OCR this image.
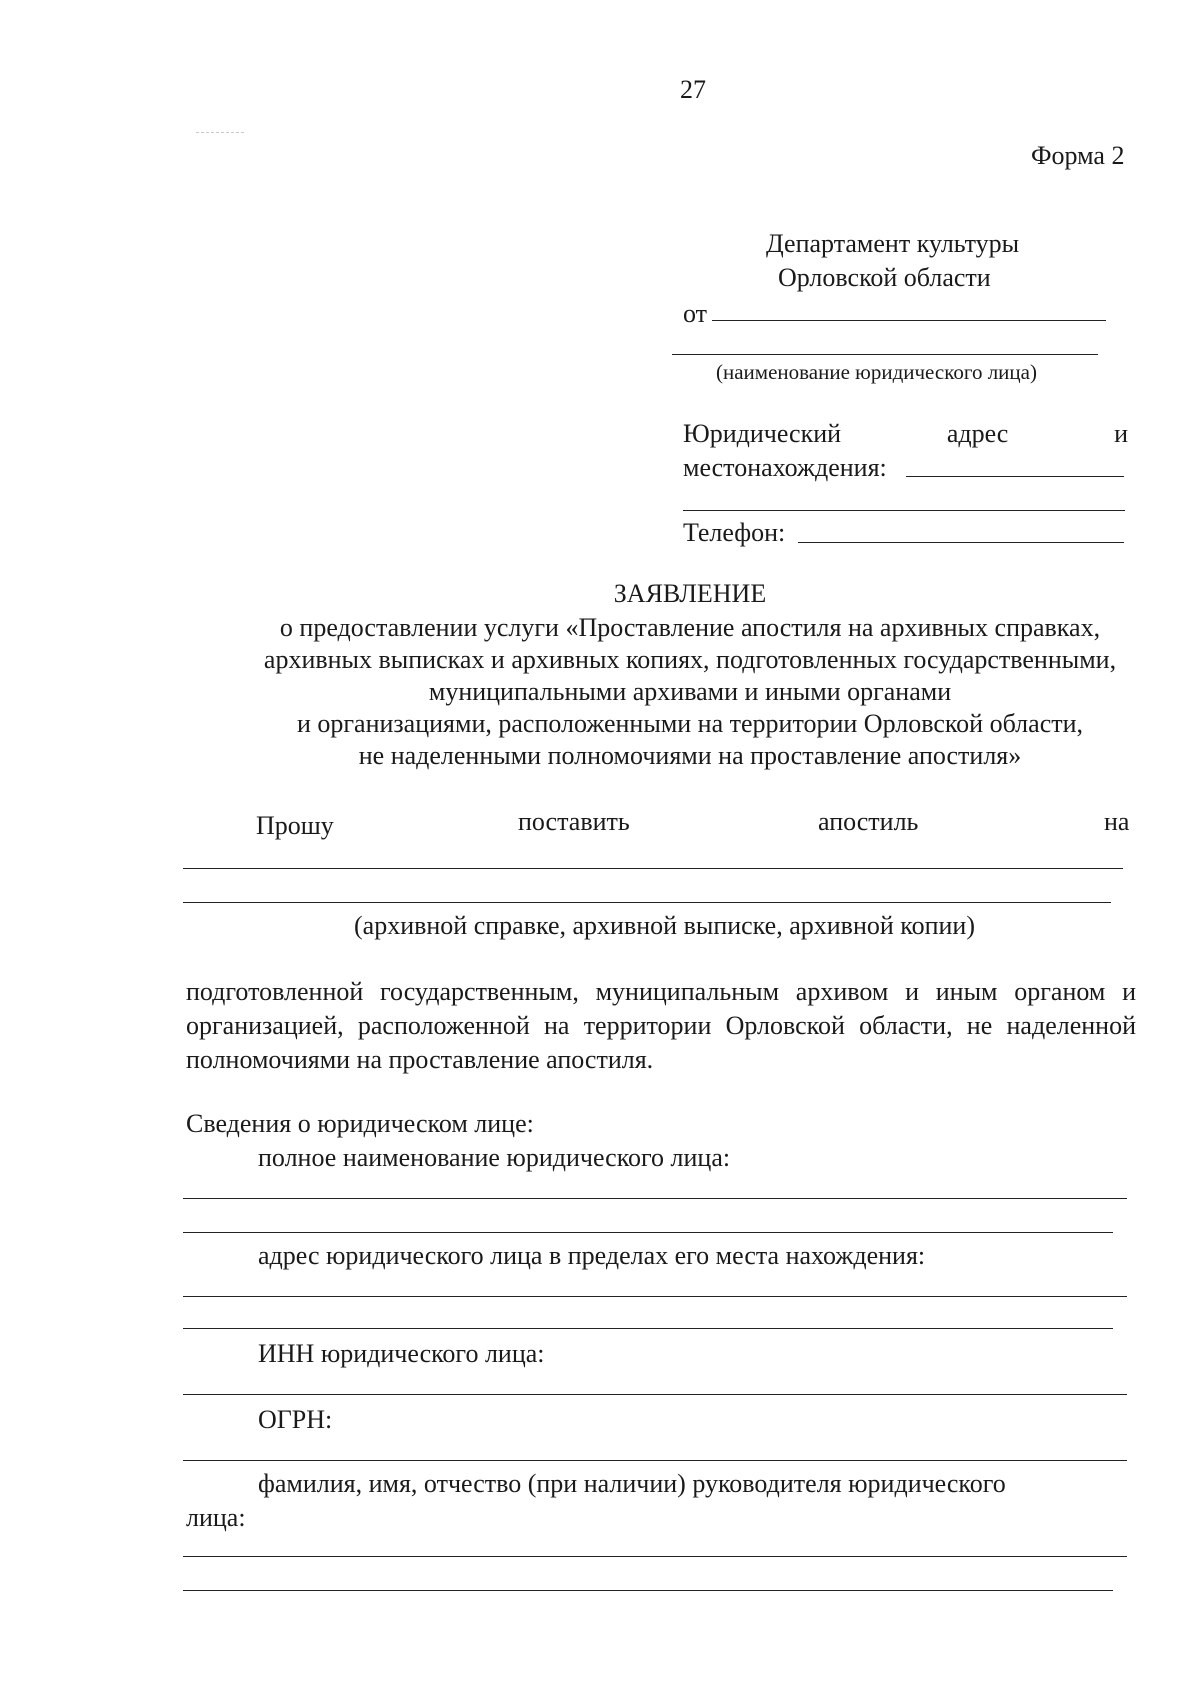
27
Форма 2
Департамент культуры
Орловской области
от
(наименование юридического лица)
Юридический	адрес	и
местонахождения:
Телефон:
ЗАЯВЛЕНИЕ
о предоставлении услуги «Проставление апостиля на архивных справках,
архивных выписках и архивных копиях, подготовленных государственными,
муниципальными архивами и иными органами
и организациями, расположенными на территории Орловской области,
не наделенными полномочиями на проставление апостиля»
Прошу	поставить	апостиль	на
(архивной справке, архивной выписке, архивной копии)
подготовленной государственным, муниципальным архивом и иным органом и организацией, расположенной на территории Орловской области, не наделенной полномочиями на проставление апостиля.
Сведения о юридическом лице:
полное наименование юридического лица:
адрес юридического лица в пределах его места нахождения:
ИНН юридического лица:
ОГРН:
фамилия, имя, отчество (при наличии) руководителя юридического
лица:
